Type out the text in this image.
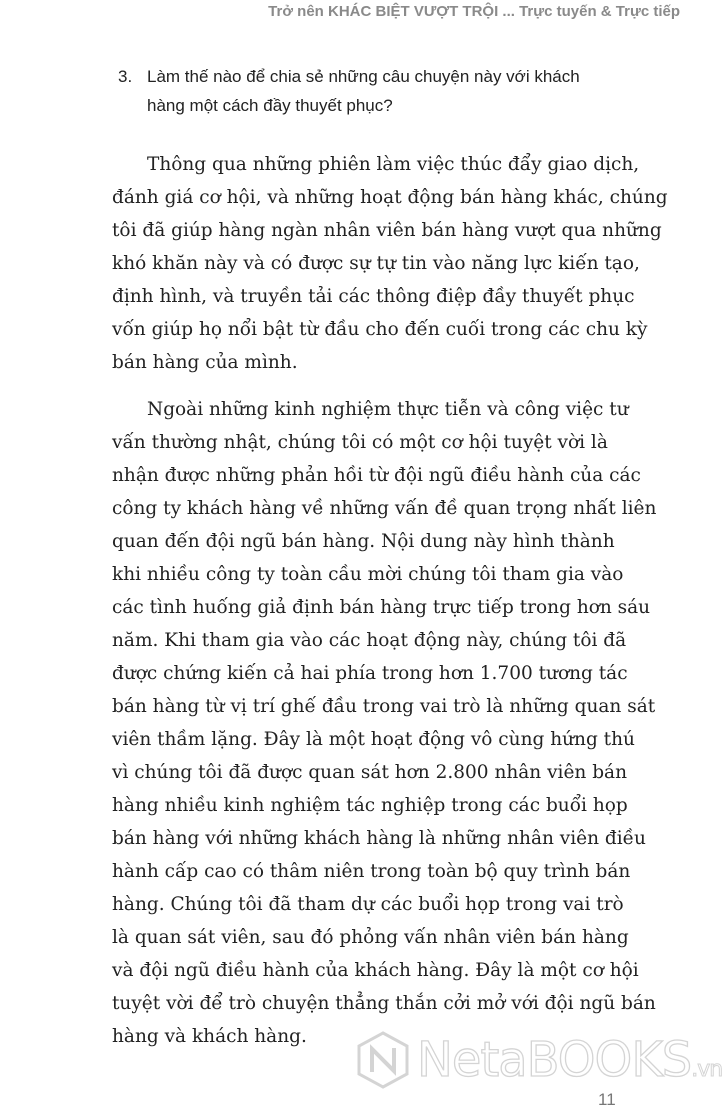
Trở nên KHÁC BIỆT VƯỢT TRỘI ... Trực tuyến & Trực tiếp
3. Làm thế nào để chia sẻ những câu chuyện này với khách
hàng một cách đầy thuyết phục?
Thông qua những phiên làm việc thúc đẩy giao dịch,
đánh giá cơ hội, và những hoạt động bán hàng khác, chúng
tôi đã giúp hàng ngàn nhân viên bán hàng vượt qua những
khó khăn này và có được sự tự tin vào năng lực kiến tạo,
định hình, và truyền tải các thông điệp đầy thuyết phục
vốn giúp họ nổi bật từ đầu cho đến cuối trong các chu kỳ
bán hàng của mình.
Ngoài những kinh nghiệm thực tiễn và công việc tư
vấn thường nhật, chúng tôi có một cơ hội tuyệt vời là
nhận được những phản hồi từ đội ngũ điều hành của các
công ty khách hàng về những vấn đề quan trọng nhất liên
quan đến đội ngũ bán hàng. Nội dung này hình thành
khi nhiều công ty toàn cầu mời chúng tôi tham gia vào
các tình huống giả định bán hàng trực tiếp trong hơn sáu
năm. Khi tham gia vào các hoạt động này, chúng tôi đã
được chứng kiến cả hai phía trong hơn 1.700 tương tác
bán hàng từ vị trí ghế đầu trong vai trò là những quan sát
viên thầm lặng. Đây là một hoạt động vô cùng hứng thú
vì chúng tôi đã được quan sát hơn 2.800 nhân viên bán
hàng nhiều kinh nghiệm tác nghiệp trong các buổi họp
bán hàng với những khách hàng là những nhân viên điều
hành cấp cao có thâm niên trong toàn bộ quy trình bán
hàng. Chúng tôi đã tham dự các buổi họp trong vai trò
là quan sát viên, sau đó phỏng vấn nhân viên bán hàng
và đội ngũ điều hành của khách hàng. Đây là một cơ hội
tuyệt vời để trò chuyện thẳng thắn cởi mở với đội ngũ bán
hàng và khách hàng.	NetaBOOKS.vn
11
